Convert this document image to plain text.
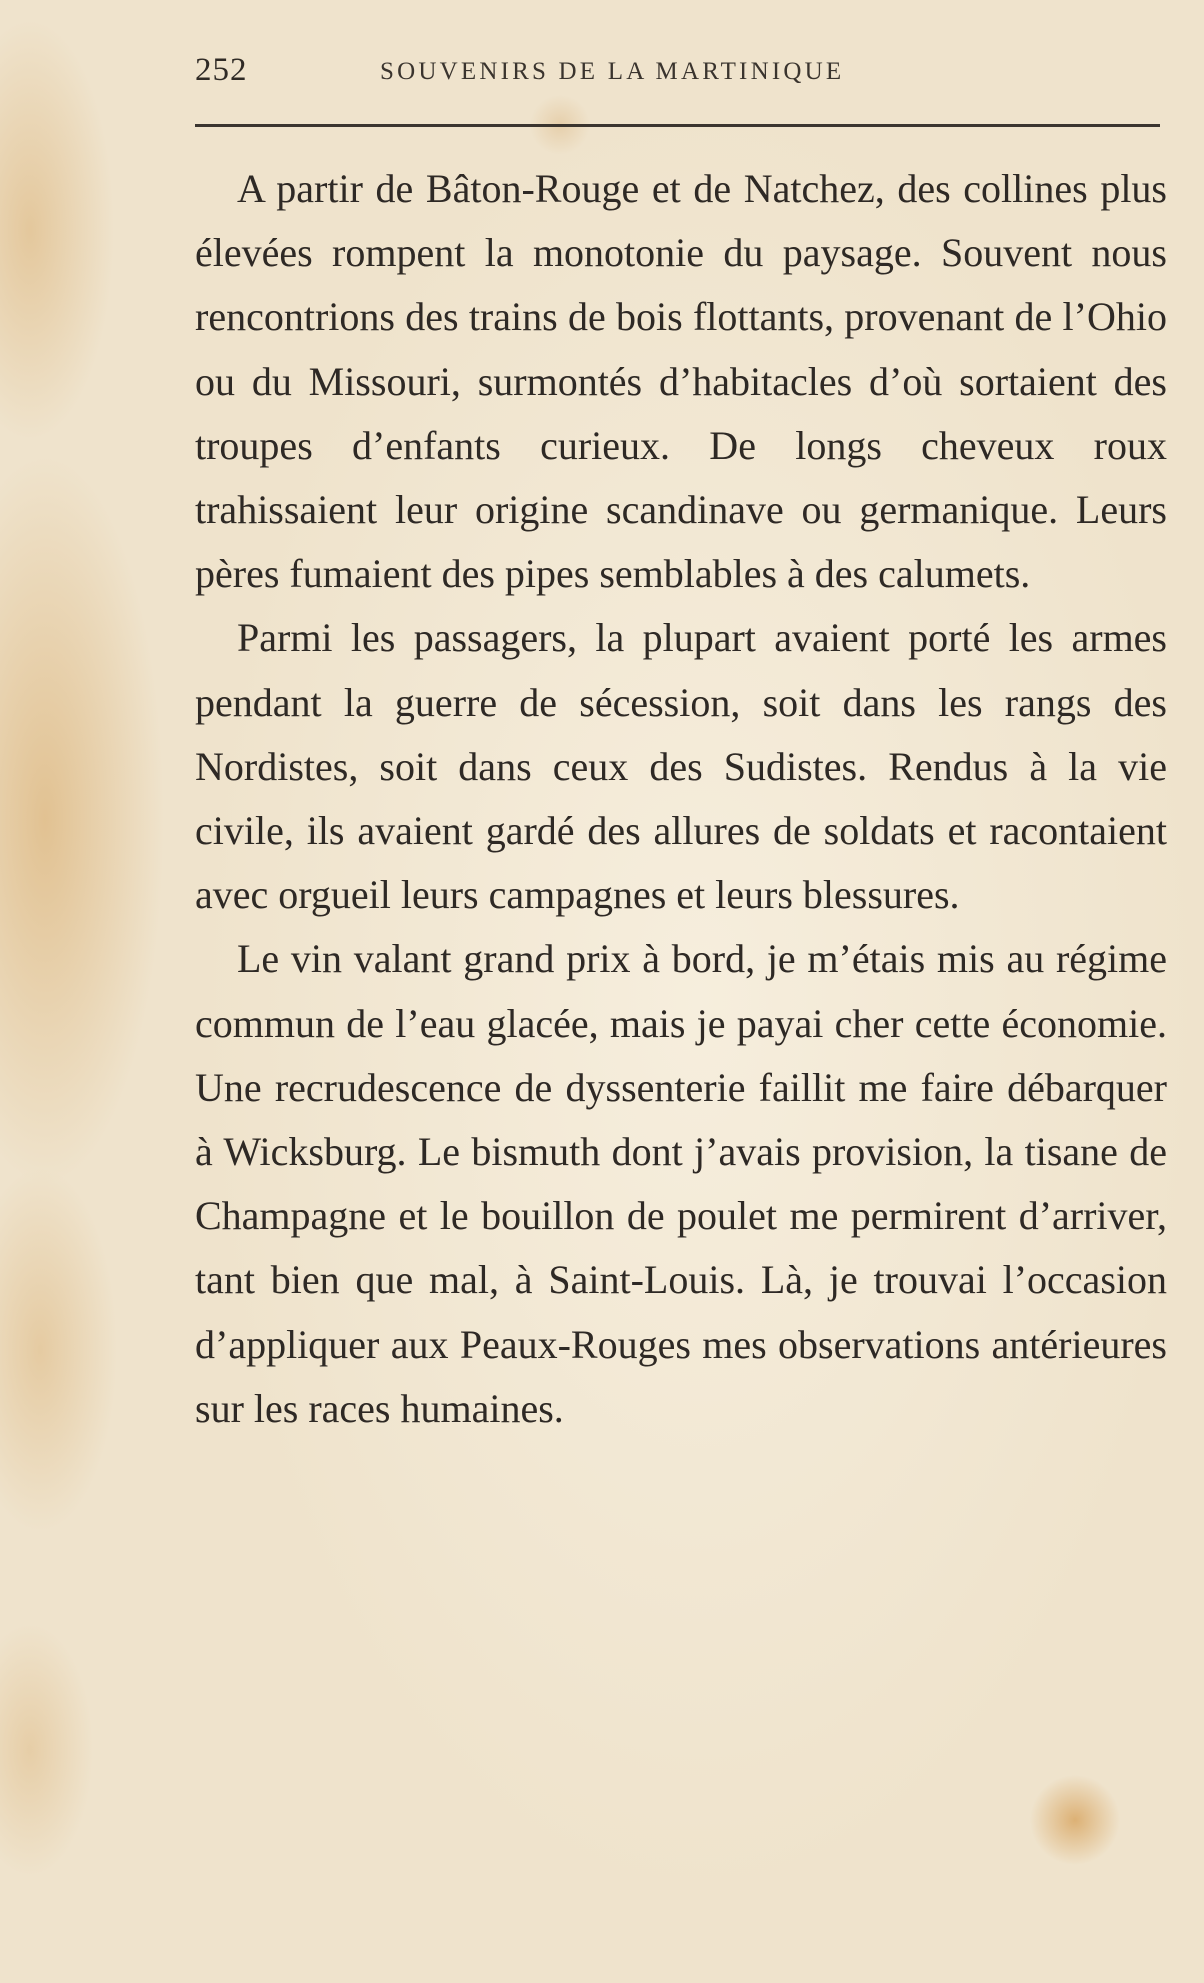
252	SOUVENIRS DE LA MARTINIQUE

A partir de Bâton-Rouge et de Natchez, des collines plus élevées rompent la monotonie du paysage. Souvent nous rencontrions des trains de bois flottants, provenant de l’Ohio ou du Missouri, surmontés d’habitacles d’où sortaient des troupes d’enfants curieux. De longs cheveux roux trahissaient leur origine scandinave ou germanique. Leurs pères fumaient des pipes semblables à des calumets.

Parmi les passagers, la plupart avaient porté les armes pendant la guerre de sécession, soit dans les rangs des Nordistes, soit dans ceux des Sudistes. Rendus à la vie civile, ils avaient gardé des allures de soldats et racontaient avec orgueil leurs campagnes et leurs blessures.

Le vin valant grand prix à bord, je m’étais mis au régime commun de l’eau glacée, mais je payai cher cette économie. Une recrudescence de dyssenterie faillit me faire débarquer à Wicksburg. Le bismuth dont j’avais provision, la tisane de Champagne et le bouillon de poulet me permirent d’arriver, tant bien que mal, à Saint-Louis. Là, je trouvai l’occasion d’appliquer aux Peaux-Rouges mes observations antérieures sur les races humaines.
